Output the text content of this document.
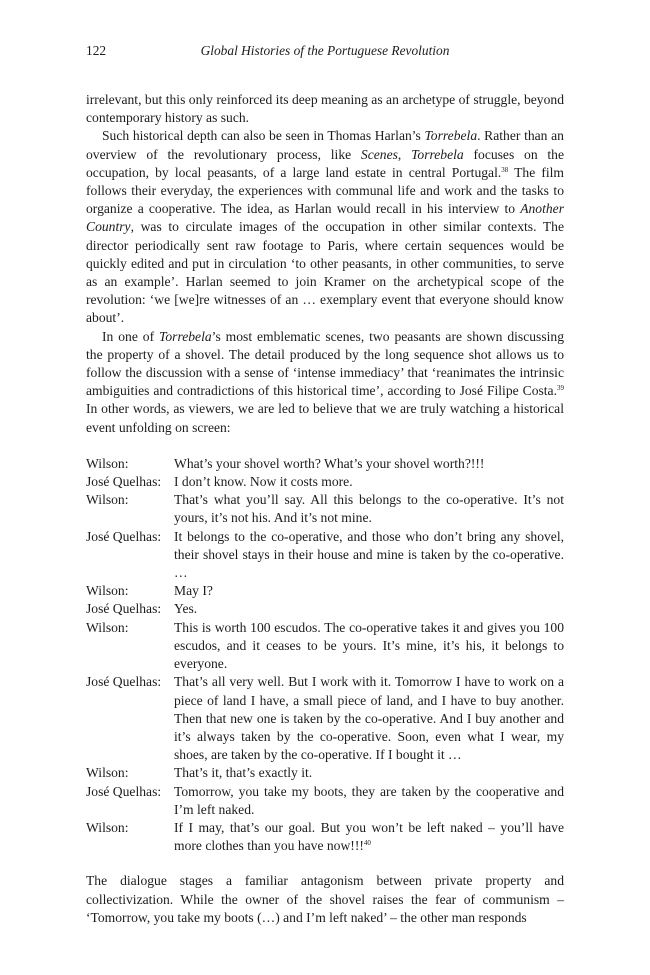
122	Global Histories of the Portuguese Revolution

irrelevant, but this only reinforced its deep meaning as an archetype of struggle, beyond contemporary history as such.

Such historical depth can also be seen in Thomas Harlan’s Torrebela. Rather than an overview of the revolutionary process, like Scenes, Torrebela focuses on the occupation, by local peasants, of a large land estate in central Portugal.$^{38}$ The film follows their everyday, the experiences with communal life and work and the tasks to organize a cooperative. The idea, as Harlan would recall in his interview to Another Country, was to circulate images of the occupation in other similar contexts. The director periodically sent raw footage to Paris, where certain sequences would be quickly edited and put in circulation ‘to other peasants, in other communities, to serve as an example’. Harlan seemed to join Kramer on the archetypical scope of the revolution: ‘we [we]re witnesses of an … exemplary event that everyone should know about’.

In one of Torrebela’s most emblematic scenes, two peasants are shown discussing the property of a shovel. The detail produced by the long sequence shot allows us to follow the discussion with a sense of ‘intense immediacy’ that ‘reanimates the intrinsic ambiguities and contradictions of this historical time’, according to José Filipe Costa.$^{39}$ In other words, as viewers, we are led to believe that we are truly watching a historical event unfolding on screen:

Wilson:	What’s your shovel worth? What’s your shovel worth?!!!
José Quelhas: I don’t know. Now it costs more.
Wilson:	That’s what you’ll say. All this belongs to the co-operative. It’s not yours, it’s not his. And it’s not mine.
José Quelhas: It belongs to the co-operative, and those who don’t bring any shovel, their shovel stays in their house and mine is taken by the co-operative. …
Wilson:	May I?
José Quelhas: Yes.
Wilson:	This is worth 100 escudos. The co-operative takes it and gives you 100 escudos, and it ceases to be yours. It’s mine, it’s his, it belongs to everyone.
José Quelhas: That’s all very well. But I work with it. Tomorrow I have to work on a piece of land I have, a small piece of land, and I have to buy another. Then that new one is taken by the co-operative. And I buy another and it’s always taken by the co-operative. Soon, even what I wear, my shoes, are taken by the co-operative. If I bought it …
Wilson:	That’s it, that’s exactly it.
José Quelhas: Tomorrow, you take my boots, they are taken by the cooperative and I’m left naked.
Wilson:	If I may, that’s our goal. But you won’t be left naked – you’ll have more clothes than you have now!!!$^{40}$

The dialogue stages a familiar antagonism between private property and collectivization. While the owner of the shovel raises the fear of communism – ‘Tomorrow, you take my boots (…) and I’m left naked’ – the other man responds
